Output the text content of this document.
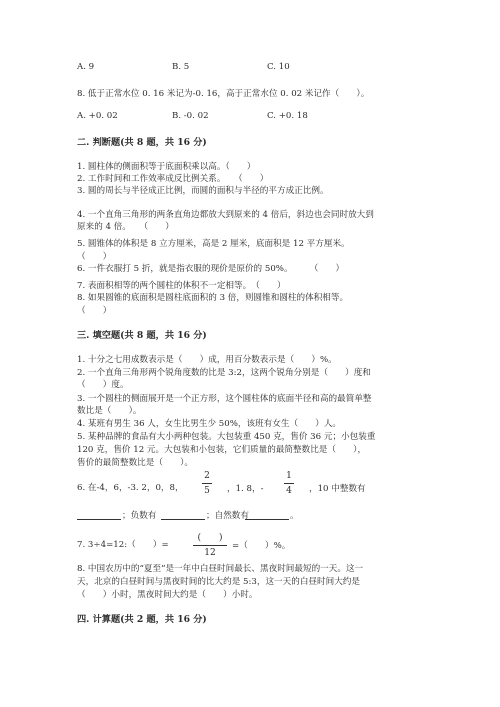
A. 9	B. 5	C. 10
8. 低于正常水位 0. 16 米记为-0. 16，高于正常水位 0. 02 米记作（　　）。
A. +0. 02	B. -0. 02	C. +0. 18
二. 判断题(共 8 题，共 16 分)
1. 圆柱体的侧面积等于底面积乘以高。（　　）
2. 工作时间和工作效率成反比例关系。　　（　　）
3. 圆的周长与半径成正比例，而圆的面积与半径的平方成正比例。
4. 一个直角三角形的两条直角边都放大到原来的 4 倍后，斜边也会同时放大到
原来的 4 倍。　　（　　）
5. 圆锥体的体积是 8 立方厘米，高是 2 厘米，底面积是 12 平方厘米。
（　　）
6. 一件衣服打 5 折，就是指衣服的现价是原价的 50%。　　　（　　）
7. 表面积相等的两个圆柱的体积不一定相等。　（　　）
8. 如果圆锥的底面积是圆柱底面积的 3 倍，则圆锥和圆柱的体积相等。
（　　）
三. 填空题(共 8 题，共 16 分)
1. 十分之七用成数表示是（　　）成，用百分数表示是（　　）%。
2. 一个直角三角形两个锐角度数的比是 3:2，这两个锐角分别是（　　）度和
（　　）度。
3. 一个圆柱的侧面展开是一个正方形，这个圆柱体的底面半径和高的最简单整
数比是（　　）。
4. 某班有男生 36 人，女生比男生少 50%，该班有女生（　　）人。
5. 某种品牌的食品有大小两种包装。大包装重 450 克，售价 36 元；小包装重
120 克，售价 12 元。大包装和小包装，它们质量的最简整数比是（　　），
售价的最简整数比是（　　）。
6. 在-4，6，-3. 2，0，8，
2
5	，1. 8，-
1
4	，10 中整数有
；负数有	；自然数有	。
7. 3÷4=12:（　　）=
(　　)
12
=（　　）%。
8. 中国农历中的“夏至”是一年中白昼时间最长、黑夜时间最短的一天。这一
天，北京的白昼时间与黑夜时间的比大约是 5:3，这一天的白昼时间大约是
（　　）小时，黑夜时间大约是（　　）小时。
四. 计算题(共 2 题，共 16 分)
